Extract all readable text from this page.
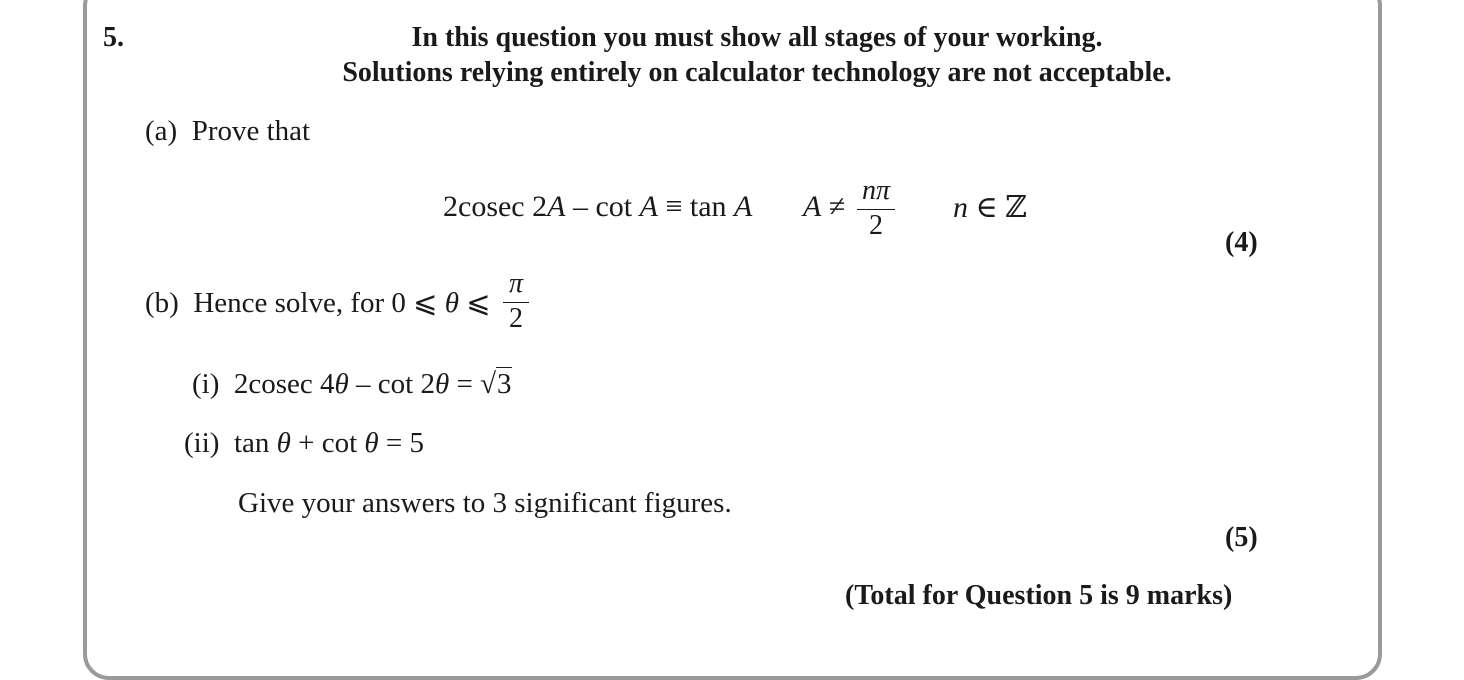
5.	In this question you must show all stages of your working.
Solutions relying entirely on calculator technology are not acceptable.
(a) Prove that
2cosec 2A – cot A ≡ tan A A ≠ nπ
2
n ∈ ℤ
(4)
(b) Hence solve, for 0 ⩽ θ ⩽
π
2
(i) 2cosec 4θ – cot 2θ = √3
(ii) tan θ + cot θ = 5
Give your answers to 3 significant figures.
(5)
(Total for Question 5 is 9 marks)
